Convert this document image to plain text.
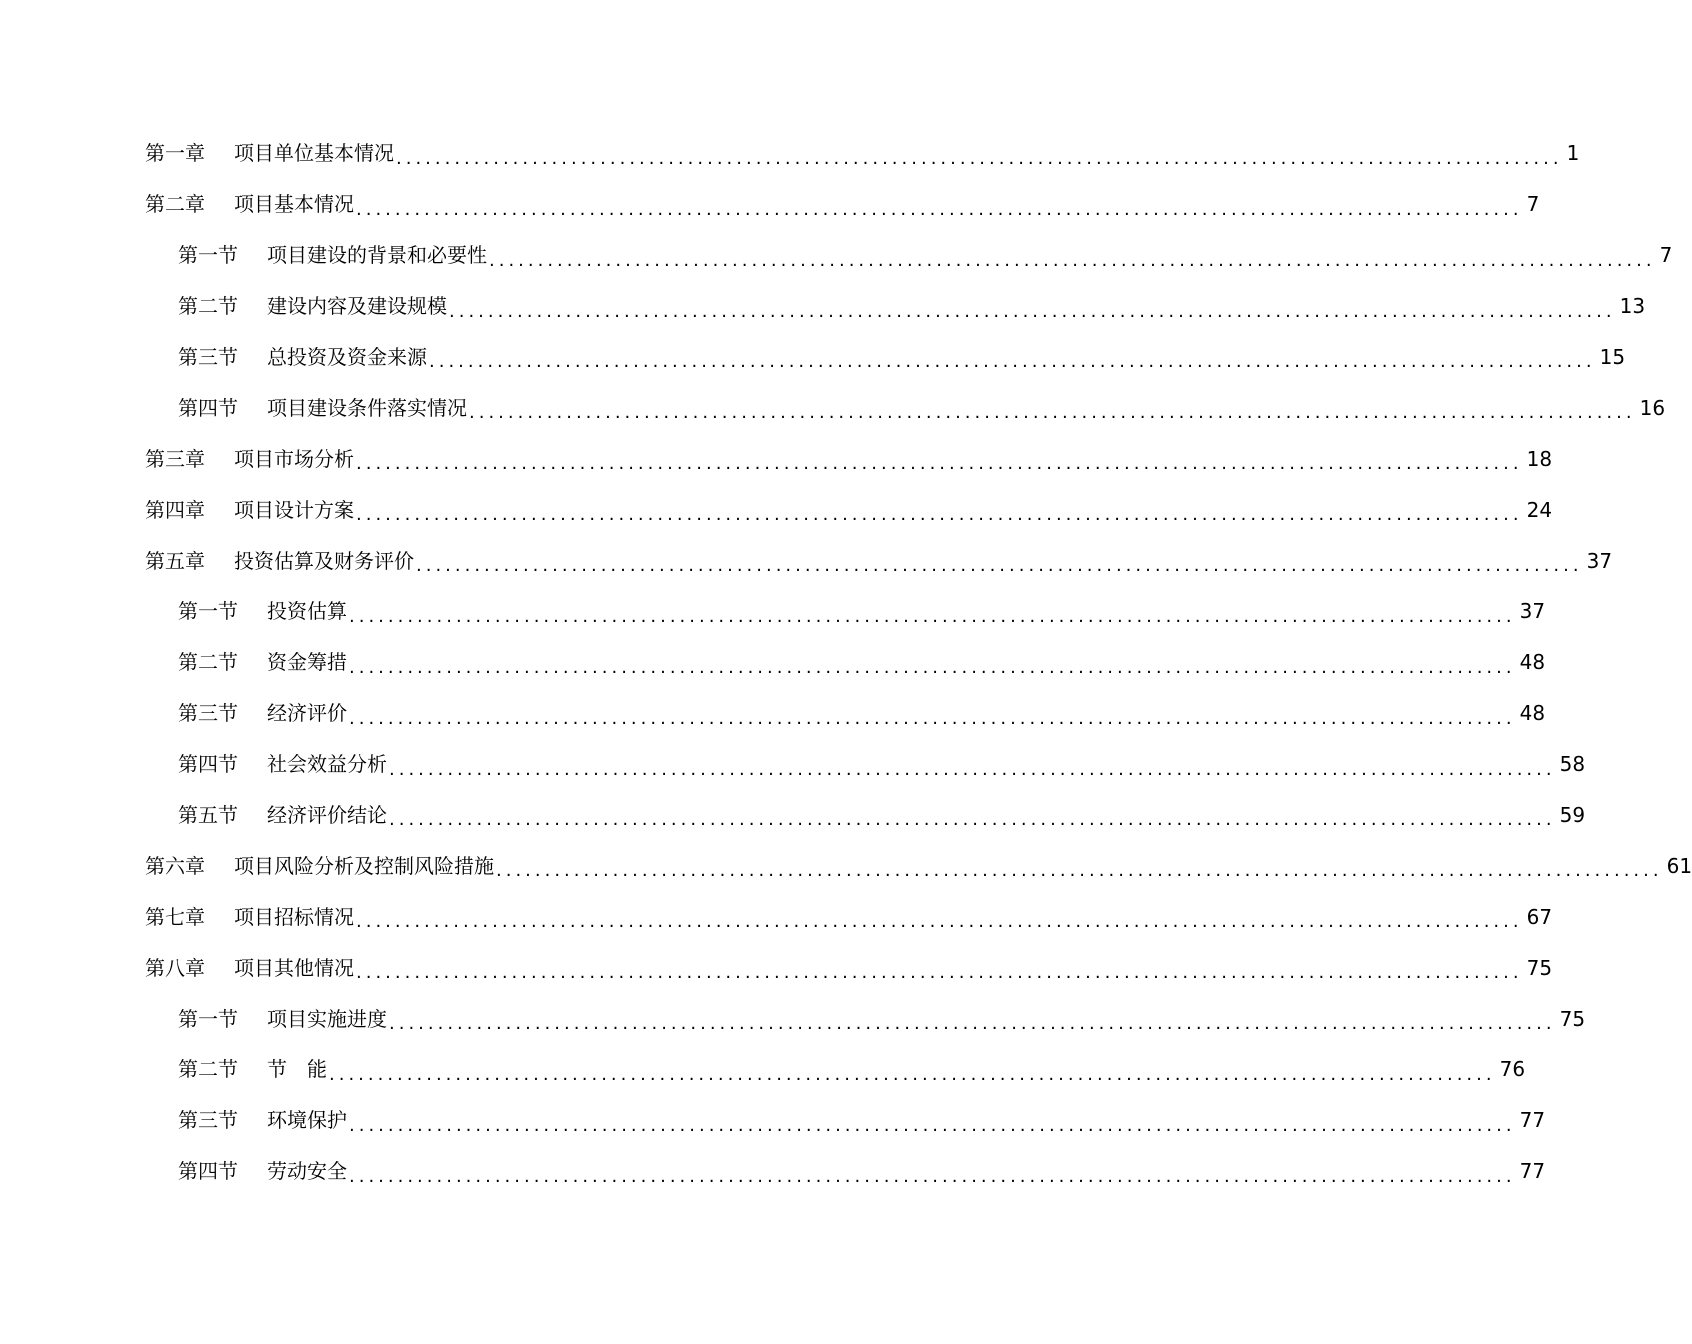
第一章	项目单位基本情况 ........................................................................................................................ 1
第二章	项目基本情况 ........................................................................................................................ 7
第一节	项目建设的背景和必要性 ........................................................................................................................ 7
第二节	建设内容及建设规模 ........................................................................................................................ 13
第三节	总投资及资金来源 ........................................................................................................................ 15
第四节	项目建设条件落实情况 ........................................................................................................................ 16
第三章	项目市场分析 ........................................................................................................................ 18
第四章	项目设计方案 ........................................................................................................................ 24
第五章	投资估算及财务评价 ........................................................................................................................ 37
第一节	投资估算 ........................................................................................................................ 37
第二节	资金筹措 ........................................................................................................................ 48
第三节	经济评价 ........................................................................................................................ 48
第四节	社会效益分析 ........................................................................................................................ 58
第五节	经济评价结论 ........................................................................................................................ 59
第六章	项目风险分析及控制风险措施 ........................................................................................................................ 61
第七章	项目招标情况 ........................................................................................................................ 67
第八章	项目其他情况 ........................................................................................................................ 75
第一节	项目实施进度 ........................................................................................................................ 75
第二节	节　能 ........................................................................................................................ 76
第三节	环境保护 ........................................................................................................................ 77
第四节	劳动安全 ........................................................................................................................ 77
